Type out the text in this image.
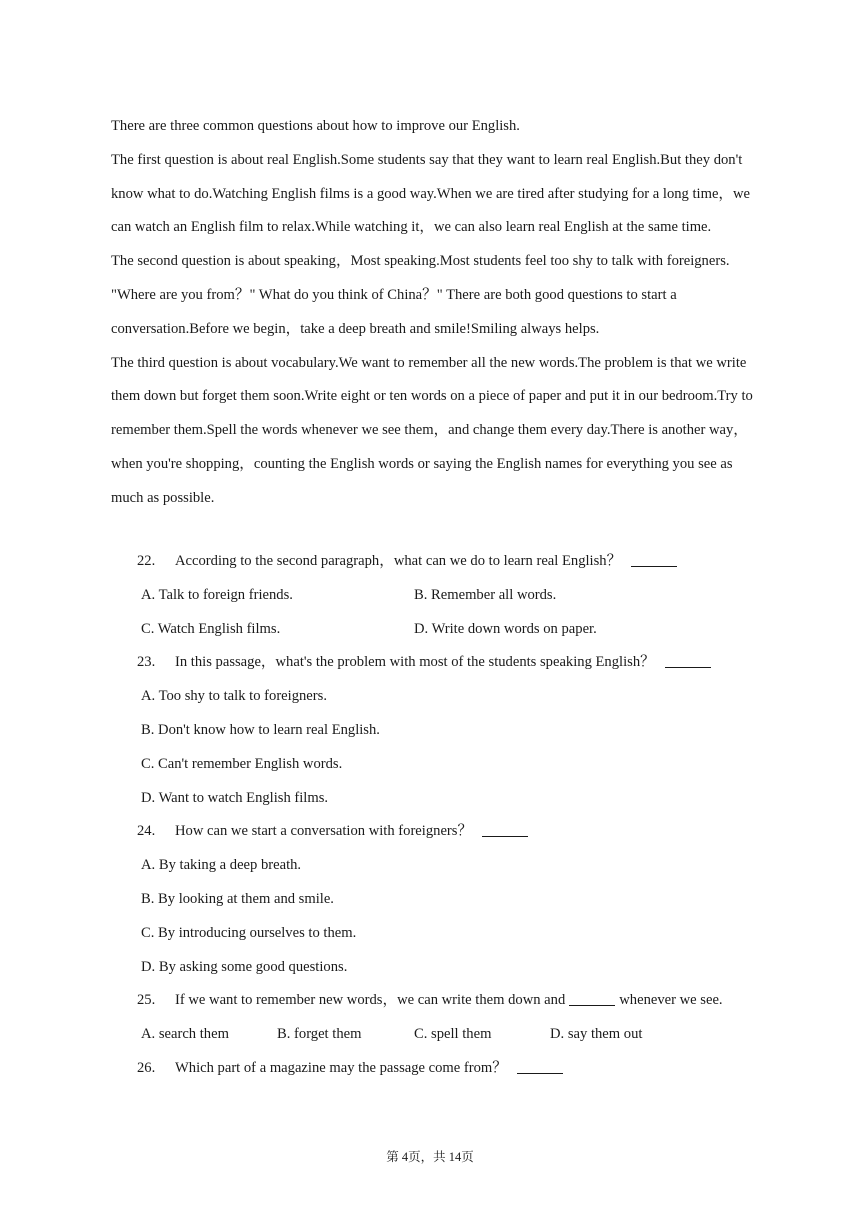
There are three common questions about how to improve our English.

The first question is about real English.Some students say that they want to learn real English.But they don't know what to do.Watching English films is a good way.When we are tired after studying for a long time，we can watch an English film to relax.While watching it，we can also learn real English at the same time.

The second question is about speaking，Most speaking.Most students feel too shy to talk with foreigners. "Where are you from？" What do you think of China？" There are both good questions to start a conversation.Before we begin，take a deep breath and smile!Smiling always helps.

The third question is about vocabulary.We want to remember all the new words.The problem is that we write them down but forget them soon.Write eight or ten words on a piece of paper and put it in our bedroom.Try to remember them.Spell the words whenever we see them，and change them every day.There is another way，when you're shopping，counting the English words or saying the English names for everything you see as much as possible.

22. According to the second paragraph，what can we do to learn real English？
A. Talk to foreign friends.	B. Remember all words.
C. Watch English films.	D. Write down words on paper.
23. In this passage，what's the problem with most of the students speaking English？
A. Too shy to talk to foreigners.
B. Don't know how to learn real English.
C. Can't remember English words.
D. Want to watch English films.
24. How can we start a conversation with foreigners？
A. By taking a deep breath.
B. By looking at them and smile.
C. By introducing ourselves to them.
D. By asking some good questions.
25. If we want to remember new words，we can write them down and	whenever we see.
A. search them	B. forget them	C. spell them	D. say them out
26. Which part of a magazine may the passage come from？
第 4页，共 14页
